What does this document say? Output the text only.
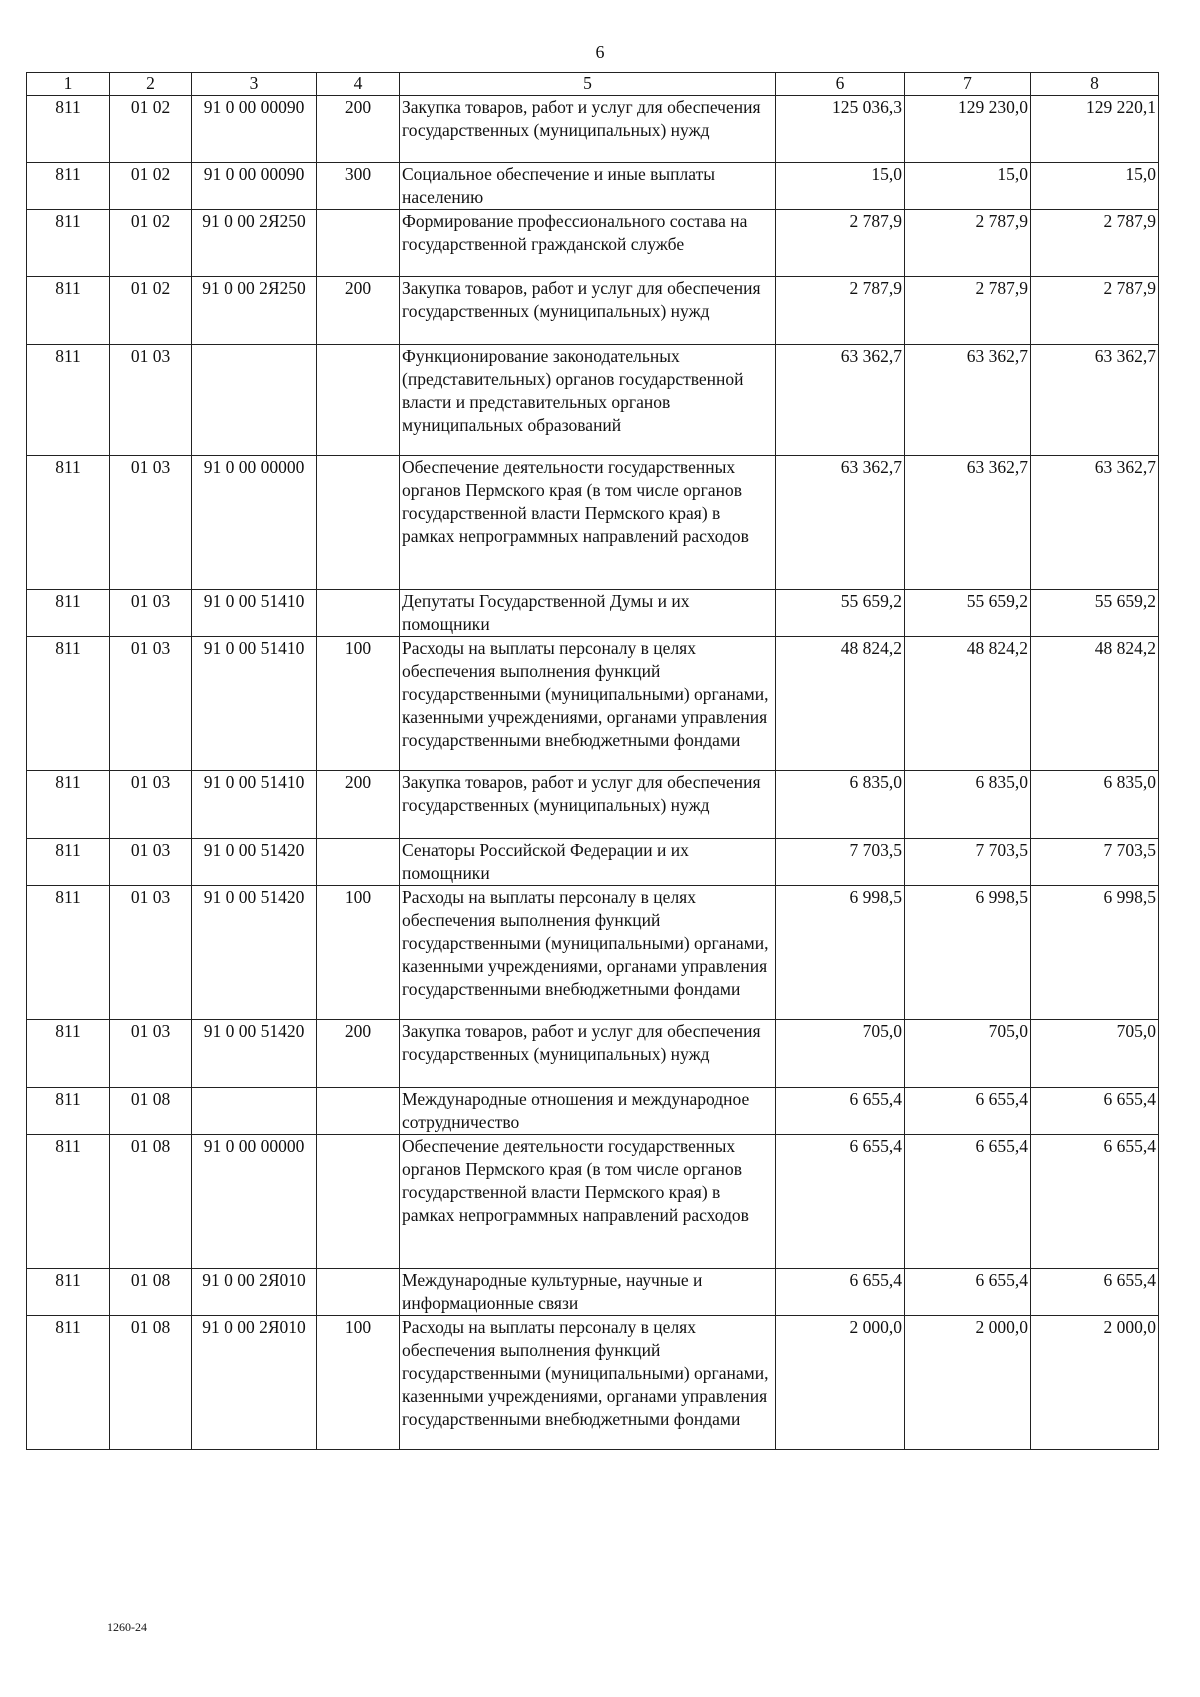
6
1	2	3	4	5	6	7	8
811	01 02	91 0 00 00090	200	Закупка товаров, работ и услуг для обеспечения государственных (муниципальных) нужд	125 036,3	129 230,0	129 220,1
811	01 02	91 0 00 00090	300	Социальное обеспечение и иные выплаты населению	15,0	15,0	15,0
811	01 02	91 0 00 2Я250		Формирование профессионального состава на государственной гражданской службе	2 787,9	2 787,9	2 787,9
811	01 02	91 0 00 2Я250	200	Закупка товаров, работ и услуг для обеспечения государственных (муниципальных) нужд	2 787,9	2 787,9	2 787,9
811	01 03			Функционирование законодательных (представительных) органов государственной власти и представительных органов муниципальных образований	63 362,7	63 362,7	63 362,7
811	01 03	91 0 00 00000		Обеспечение деятельности государственных органов Пермского края (в том числе органов государственной власти Пермского края) в рамках непрограммных направлений расходов	63 362,7	63 362,7	63 362,7
811	01 03	91 0 00 51410		Депутаты Государственной Думы и их помощники	55 659,2	55 659,2	55 659,2
811	01 03	91 0 00 51410	100	Расходы на выплаты персоналу в целях обеспечения выполнения функций государственными (муниципальными) органами, казенными учреждениями, органами управления государственными внебюджетными фондами	48 824,2	48 824,2	48 824,2
811	01 03	91 0 00 51410	200	Закупка товаров, работ и услуг для обеспечения государственных (муниципальных) нужд	6 835,0	6 835,0	6 835,0
811	01 03	91 0 00 51420		Сенаторы Российской Федерации и их помощники	7 703,5	7 703,5	7 703,5
811	01 03	91 0 00 51420	100	Расходы на выплаты персоналу в целях обеспечения выполнения функций государственными (муниципальными) органами, казенными учреждениями, органами управления государственными внебюджетными фондами	6 998,5	6 998,5	6 998,5
811	01 03	91 0 00 51420	200	Закупка товаров, работ и услуг для обеспечения государственных (муниципальных) нужд	705,0	705,0	705,0
811	01 08			Международные отношения и международное сотрудничество	6 655,4	6 655,4	6 655,4
811	01 08	91 0 00 00000		Обеспечение деятельности государственных органов Пермского края (в том числе органов государственной власти Пермского края) в рамках непрограммных направлений расходов	6 655,4	6 655,4	6 655,4
811	01 08	91 0 00 2Я010		Международные культурные, научные и информационные связи	6 655,4	6 655,4	6 655,4
811	01 08	91 0 00 2Я010	100	Расходы на выплаты персоналу в целях обеспечения выполнения функций государственными (муниципальными) органами, казенными учреждениями, органами управления государственными внебюджетными фондами	2 000,0	2 000,0	2 000,0
1260-24
